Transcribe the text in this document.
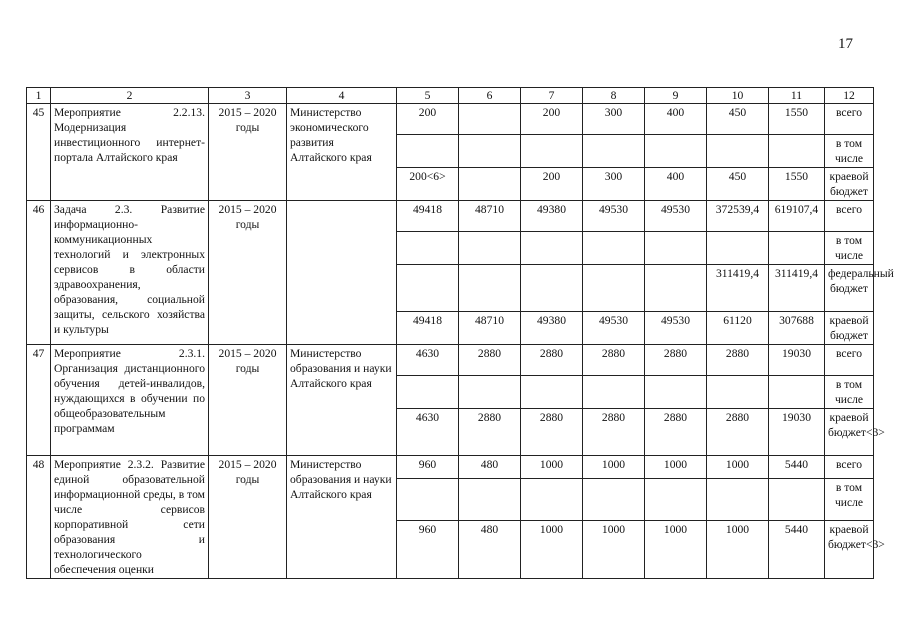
17
1	2	3	4	5	6	7	8	9	10	11	12
45	Мероприятие 2.2.13. Модернизация инвестиционного интернет-портала Алтайского края	2015 – 2020 годы	Министерство экономического развития Алтайского края	200		200	300	400	450	1550	всего
											в том числе
				200<6>		200	300	400	450	1550	краевой бюджет
46	Задача 2.3. Развитие информационно-коммуникационных технологий и электронных сервисов в области здравоохранения, образования, социальной защиты, сельского хозяйства и культуры	2015 – 2020 годы		49418	48710	49380	49530	49530	372539,4	619107,4	всего
											в том числе
									311419,4	311419,4	федеральный бюджет
				49418	48710	49380	49530	49530	61120	307688	краевой бюджет
47	Мероприятие 2.3.1. Организация дистанционного обучения детей-инвалидов, нуждающихся в обучении по общеобразовательным программам	2015 – 2020 годы	Министерство образования и науки Алтайского края	4630	2880	2880	2880	2880	2880	19030	всего
											в том числе
				4630	2880	2880	2880	2880	2880	19030	краевой бюджет<3>
48	Мероприятие 2.3.2. Развитие единой образовательной информационной среды, в том числе сервисов корпоративной сети образования и технологического обеспечения оценки	2015 – 2020 годы	Министерство образования и науки Алтайского края	960	480	1000	1000	1000	1000	5440	всего
											в том числе
				960	480	1000	1000	1000	1000	5440	краевой бюджет<3>
